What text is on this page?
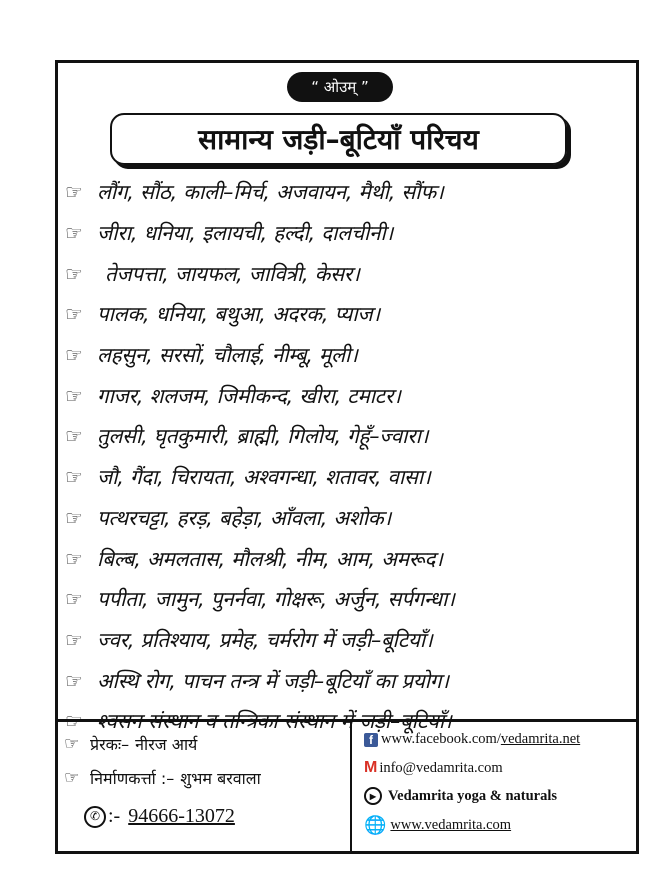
“ ओउम् ”
सामान्य जड़ी–बूटियाँ परिचय
☞ लौंग, सौंठ, काली–मिर्च, अजवायन, मैथी, सौंफ।
☞ जीरा, धनिया, इलायची, हल्दी, दालचीनी।
☞	तेजपत्ता, जायफल, जावित्री, केसर।
☞ पालक, धनिया, बथुआ, अदरक, प्याज।
☞ लहसुन, सरसों, चौलाई, नीम्बू, मूली।
☞ गाजर, शलजम, जिमीकन्द, खीरा, टमाटर।
☞ तुलसी, घृतकुमारी, ब्राह्मी, गिलोय, गेहूँ–ज्वारा।
☞ जौ, गैंदा, चिरायता, अश्वगन्धा, शतावर, वासा।
☞ पत्थरचट्टा, हरड़, बहेड़ा, आँवला, अशोक।
☞ बिल्ब, अमलतास, मौलश्री, नीम, आम, अमरूद।
☞ पपीता, जामुन, पुनर्नवा, गोक्षरू, अर्जुन, सर्पगन्धा।
☞ ज्वर, प्रतिश्याय, प्रमेह, चर्मरोग में जड़ी–बूटियाँ।
☞ अस्थि रोग, पाचन तन्त्र में जड़ी–बूटियाँ का प्रयोग।
☞ प्रेरकः– नीरज आर्य
☞ निर्माणकर्त्ता :– शुभम बरवाला
✆ :- 94666-13072
f www.facebook.com/ vedamrita.net
M info@vedamrita.com
▶ Vedamrita yoga & naturals
🌐 www.vedamrita.com
